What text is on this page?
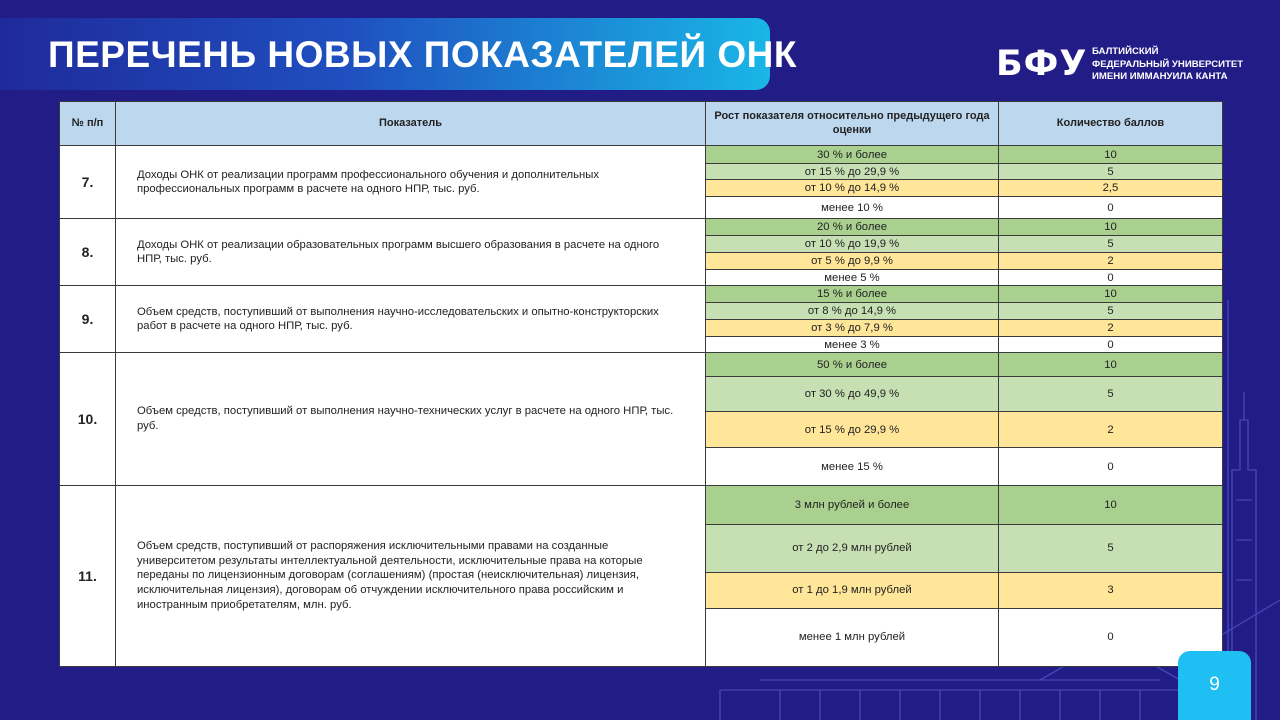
ПЕРЕЧЕНЬ НОВЫХ ПОКАЗАТЕЛЕЙ ОНК	БФУ БАЛТИЙСКИЙ
ФЕДЕРАЛЬНЫЙ УНИВЕРСИТЕТ
ИМЕНИ ИММАНУИЛА КАНТА
№ п/п	Показатель	Рост показателя относительно предыдущего года оценки	Количество баллов
7.	Доходы ОНК от реализации программ профессионального обучения и дополнительных профессиональных программ в расчете на одного НПР, тыс. руб.	30 % и более	10
		от 15 % до 29,9 %	5
		от 10 % до 14,9 %	2,5
		менее 10 %	0
8.	Доходы ОНК от реализации образовательных программ высшего образования в расчете на одного НПР, тыс. руб.	20 % и более	10
		от 10 % до 19,9 %	5
		от 5 % до 9,9 %	2
		менее 5 %	0
9.	Объем средств, поступивший от выполнения научно-исследовательских и опытно-конструкторских работ в расчете на одного НПР, тыс. руб.	15 % и более	10
		от 8 % до 14,9 %	5
		от 3 % до 7,9 %	2
		менее 3 %	0
10.	Объем средств, поступивший от выполнения научно-технических услуг в расчете на одного НПР, тыс. руб.	50 % и более	10
		от 30 % до 49,9 %	5
		от 15 % до 29,9 %	2
		менее 15 %	0
11.	Объем средств, поступивший от распоряжения исключительными правами на созданные университетом результаты интеллектуальной деятельности, исключительные права на которые переданы по лицензионным договорам (соглашениям) (простая (неисключительная) лицензия, исключительная лицензия), договорам об отчуждении исключительного права российским и иностранным приобретателям, млн. руб.	3 млн рублей и более	10
		от 2 до 2,9 млн рублей	5
		от 1 до 1,9 млн рублей	3
		менее 1 млн рублей	0
9
